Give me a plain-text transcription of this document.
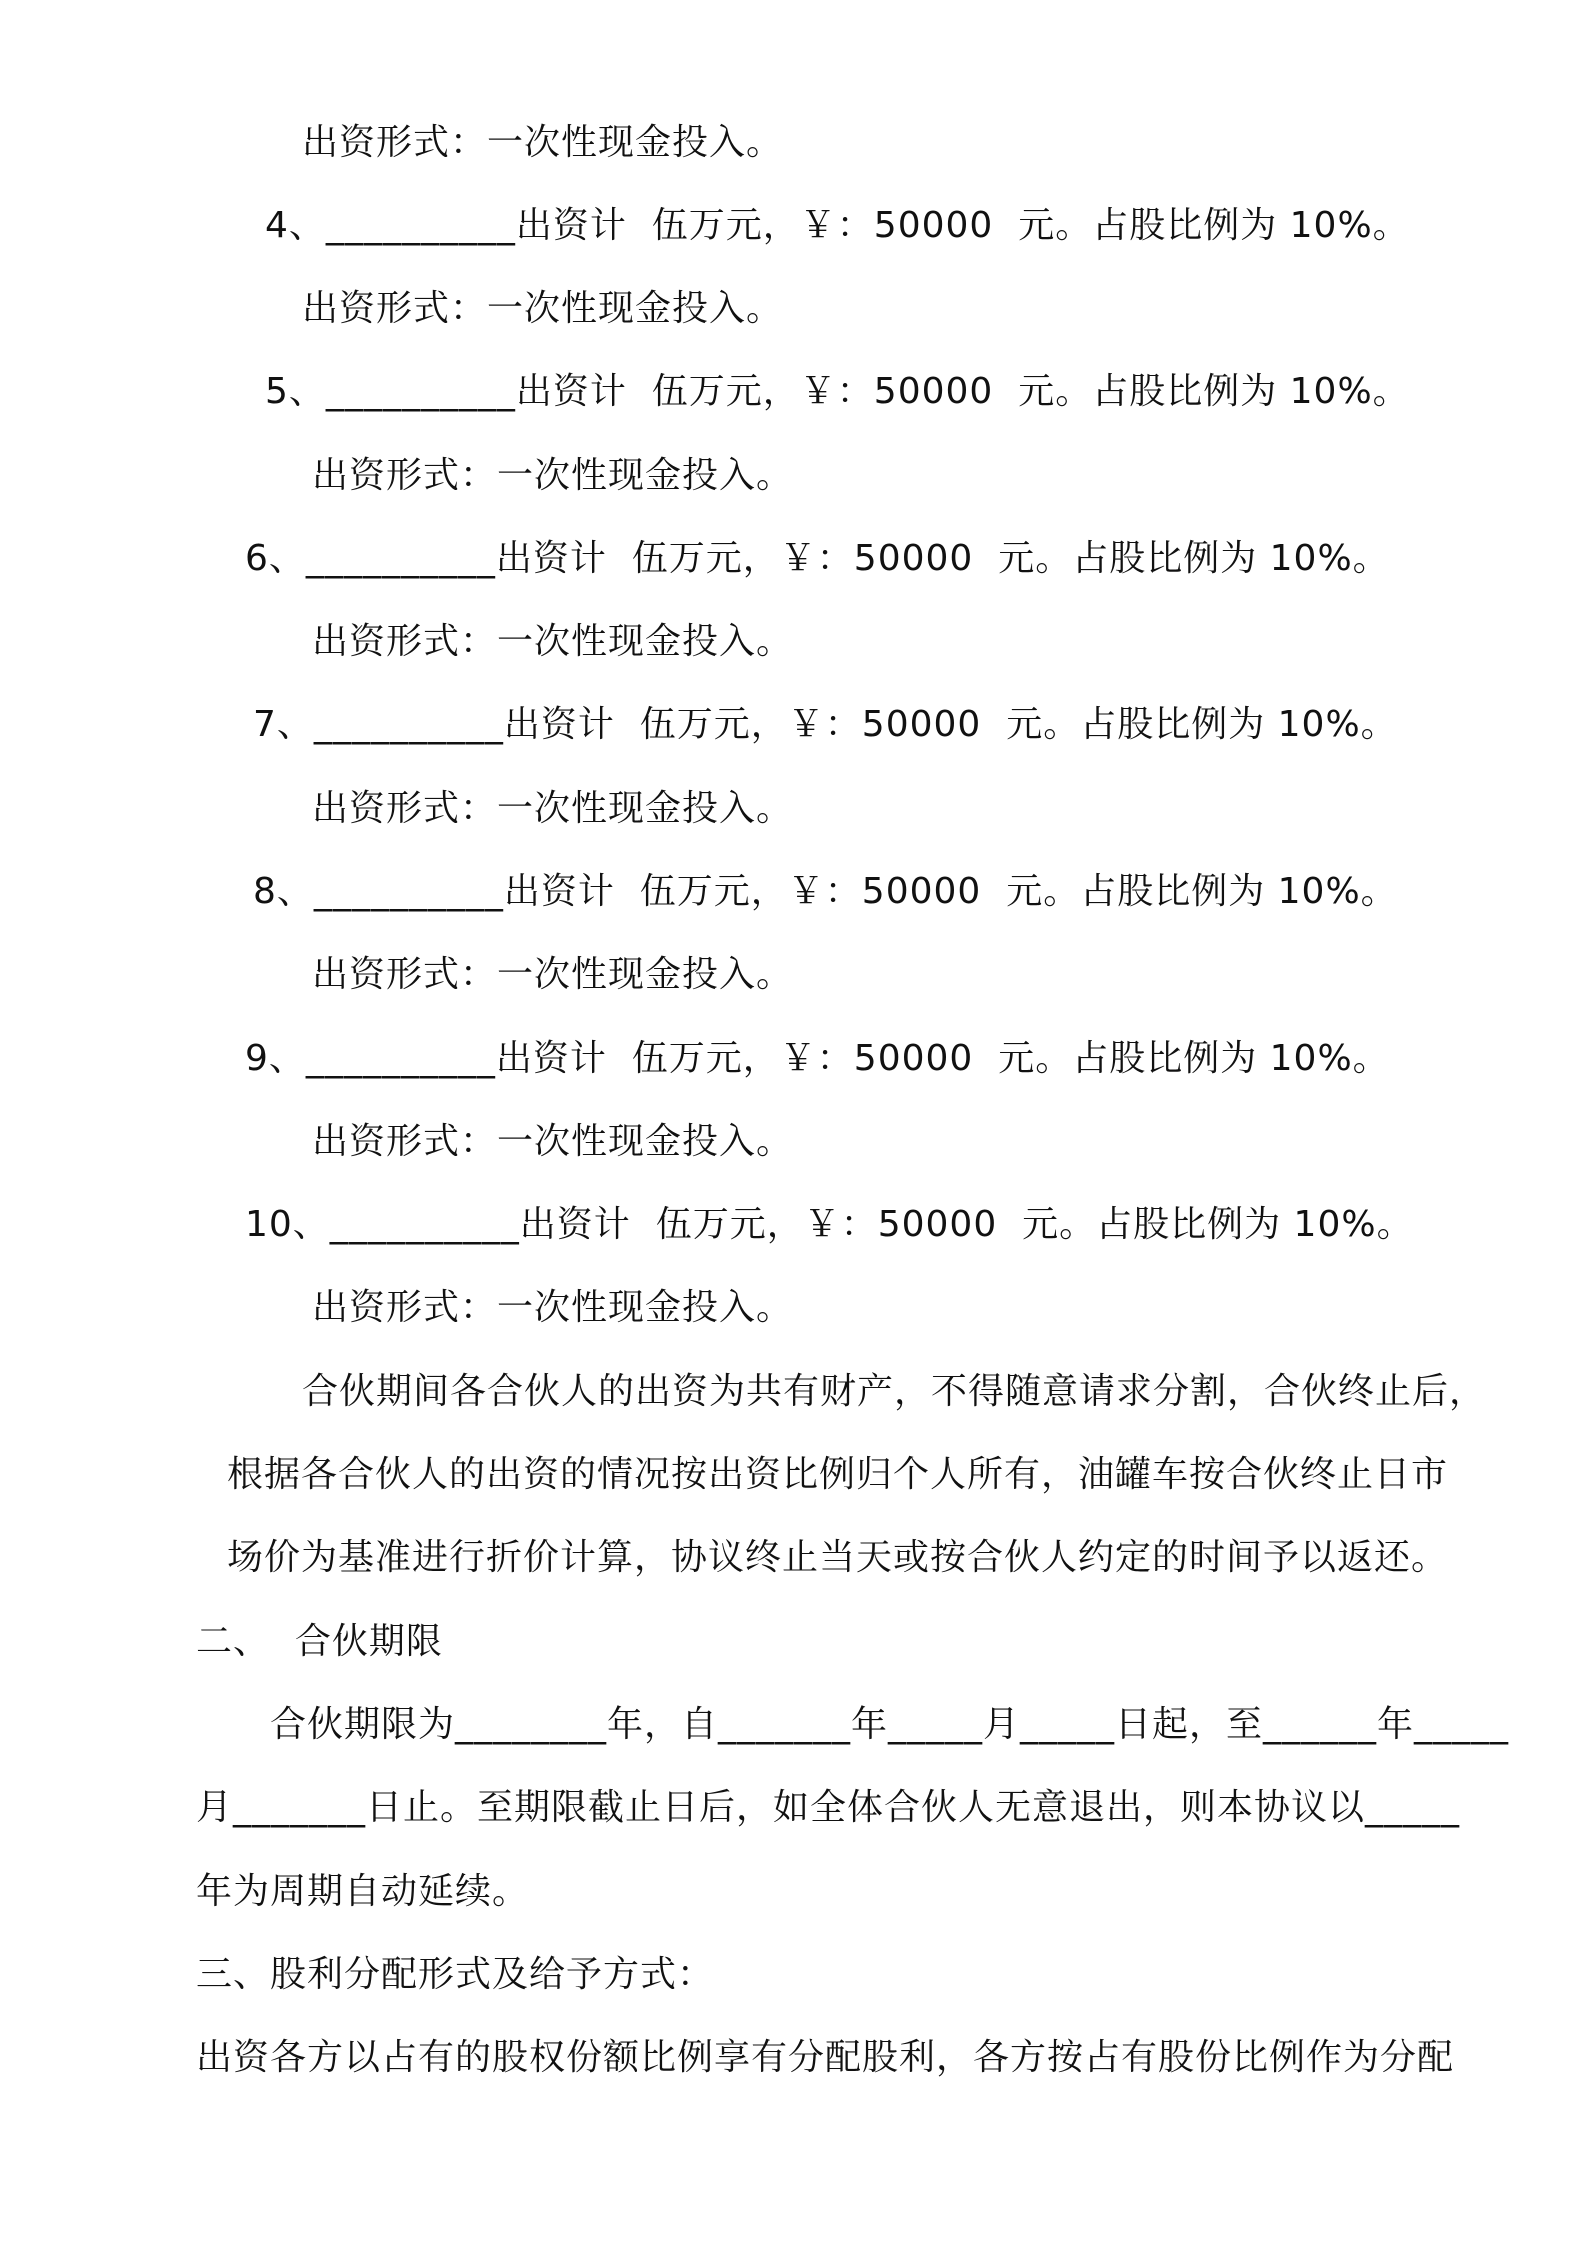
出资形式：一次性现金投入。
4、__________出资计  伍万元，￥：50000  元。占股比例为 10%。
出资形式：一次性现金投入。
5、__________出资计  伍万元，￥：50000  元。占股比例为 10%。
出资形式：一次性现金投入。
6、__________出资计  伍万元，￥：50000  元。占股比例为 10%。
出资形式：一次性现金投入。
7、__________出资计  伍万元，￥：50000  元。占股比例为 10%。
出资形式：一次性现金投入。
8、__________出资计  伍万元，￥：50000  元。占股比例为 10%。
出资形式：一次性现金投入。
9、__________出资计  伍万元，￥：50000  元。占股比例为 10%。
出资形式：一次性现金投入。
10、__________出资计  伍万元，￥：50000  元。占股比例为 10%。
出资形式：一次性现金投入。
合伙期间各合伙人的出资为共有财产，不得随意请求分割，合伙终止后，
根据各合伙人的出资的情况按出资比例归个人所有，油罐车按合伙终止日市
场价为基准进行折价计算，协议终止当天或按合伙人约定的时间予以返还。
二、  合伙期限
合伙期限为________年，自_______年_____月_____日起，至______年_____
月_______日止。至期限截止日后，如全体合伙人无意退出，则本协议以_____
年为周期自动延续。
三、股利分配形式及给予方式：
出资各方以占有的股权份额比例享有分配股利，各方按占有股份比例作为分配
